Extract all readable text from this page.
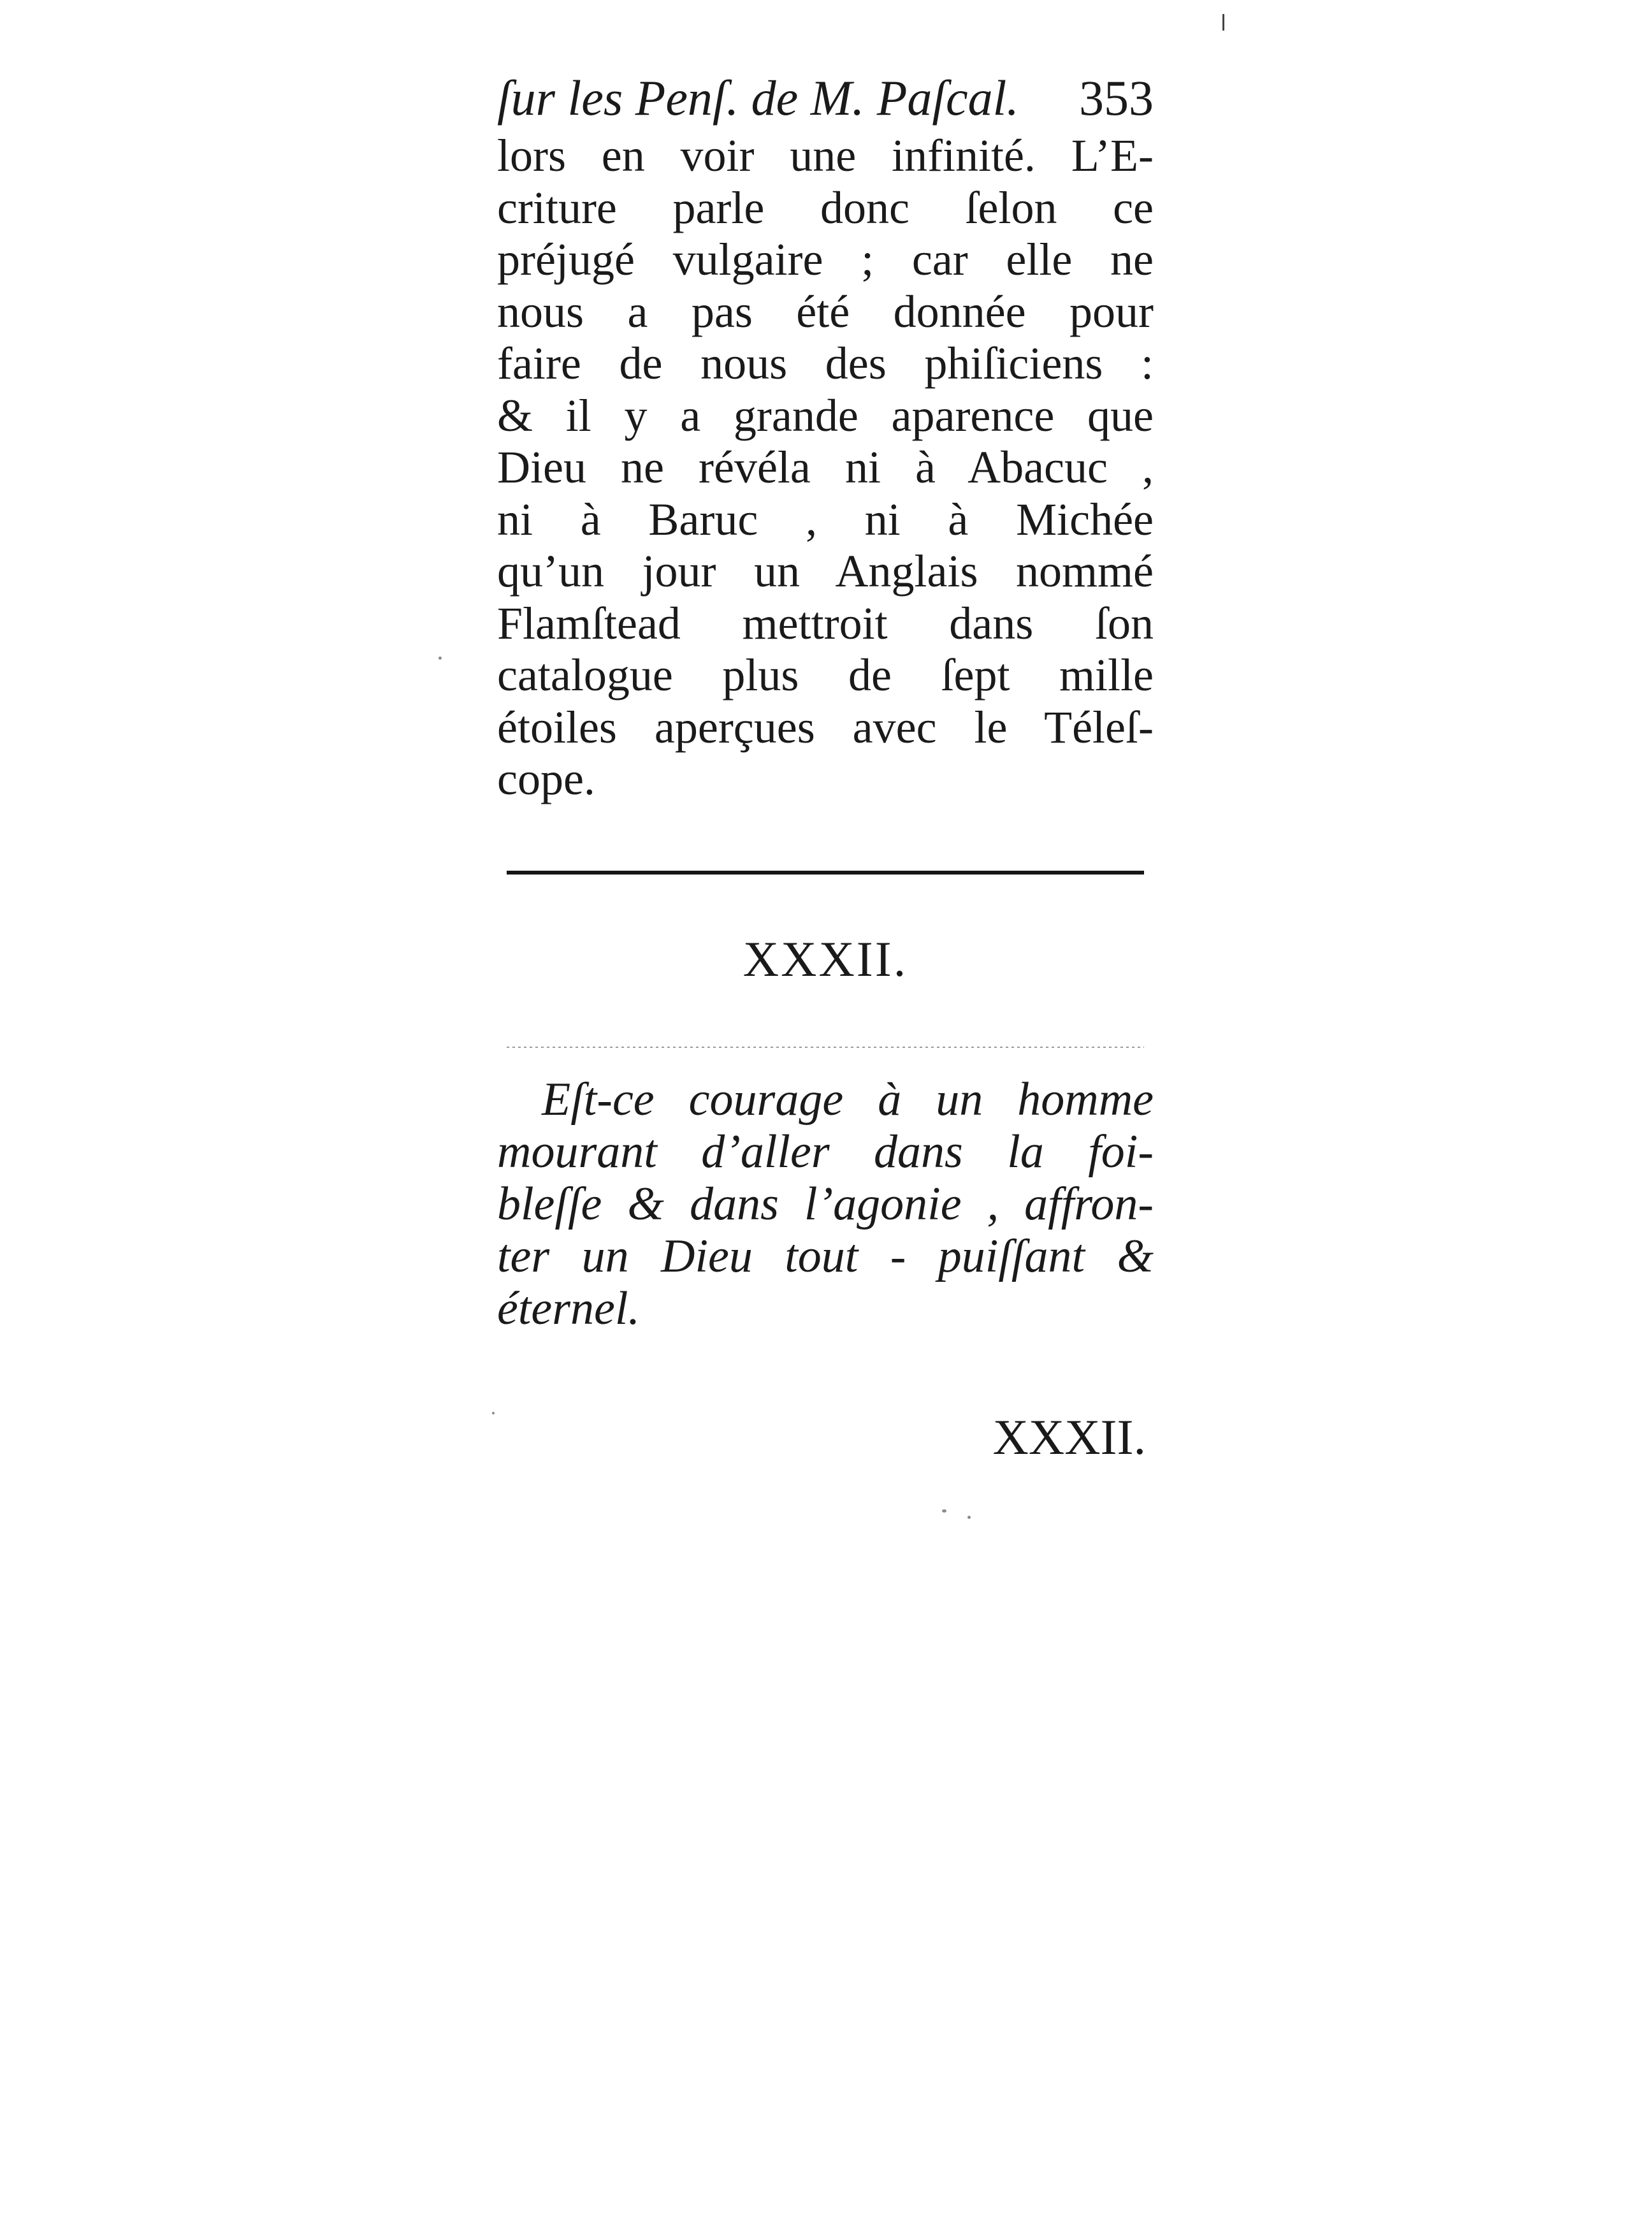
ſur les Penſ. de M. Paſcal. 353

lors en voir une infinité. L’E-
criture parle donc ſelon ce
préjugé vulgaire ; car elle ne
nous a pas été donnée pour
faire de nous des phiſiciens :
& il y a grande aparence que
Dieu ne révéla ni à Abacuc ,
ni à Baruc , ni à Michée
qu’un jour un Anglais nommé
Flamſtead mettroit dans ſon
catalogue plus de ſept mille
étoiles aperçues avec le Téleſ-
cope.

XXXII.
Eſt-ce courage à un homme
mourant d’aller dans la foi-
bleſſe & dans l’agonie , affron-
ter un Dieu tout - puiſſant &
éternel.
XXXII.
